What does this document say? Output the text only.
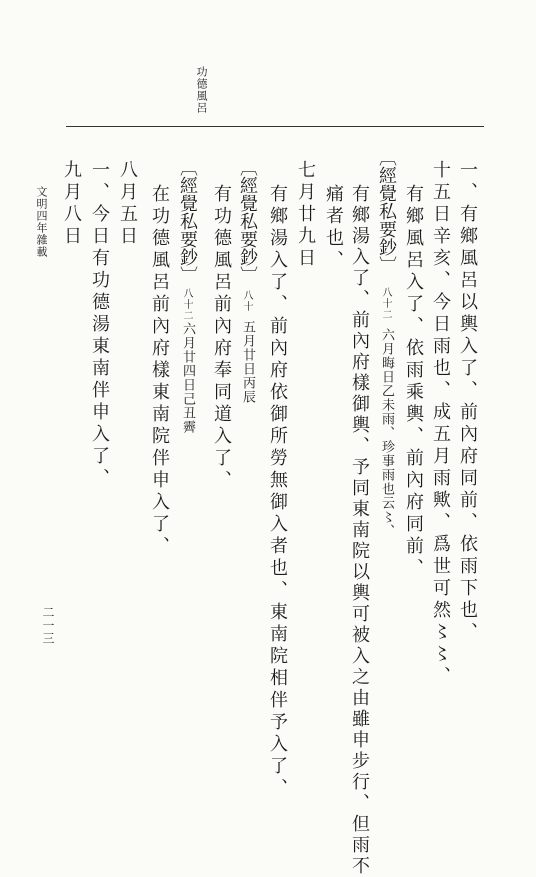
功德風呂
一、有鄉風呂以輿入了、前內府同前、依雨下也、
十五日辛亥、今日雨也、成五月雨歟、爲世可然〻〻、
有鄉風呂入了、依雨乘輿、前內府同前、
〔經覺私要鈔〕
八十二
六月晦日乙未雨、珍事雨也云〻、
痛者也、 有鄉湯入了、前內府樣御輿、予同東南院以輿可被入之由雖申步行、但雨不
七月廿九日
有鄉湯入了、前內府依御所勞無御入者也、東南院相伴予入了、
〔經覺私要鈔〕
八十
五月廿日丙辰
有功德風呂前內府奉同道入了、
〔經覺私要鈔〕
八十二
六月廿四日己丑霽
在功德風呂前內府樣東南院伴申入了、
八月五日
一、今日有功德湯東南伴申入了、
九月八日
文明四年雜載
二一三
